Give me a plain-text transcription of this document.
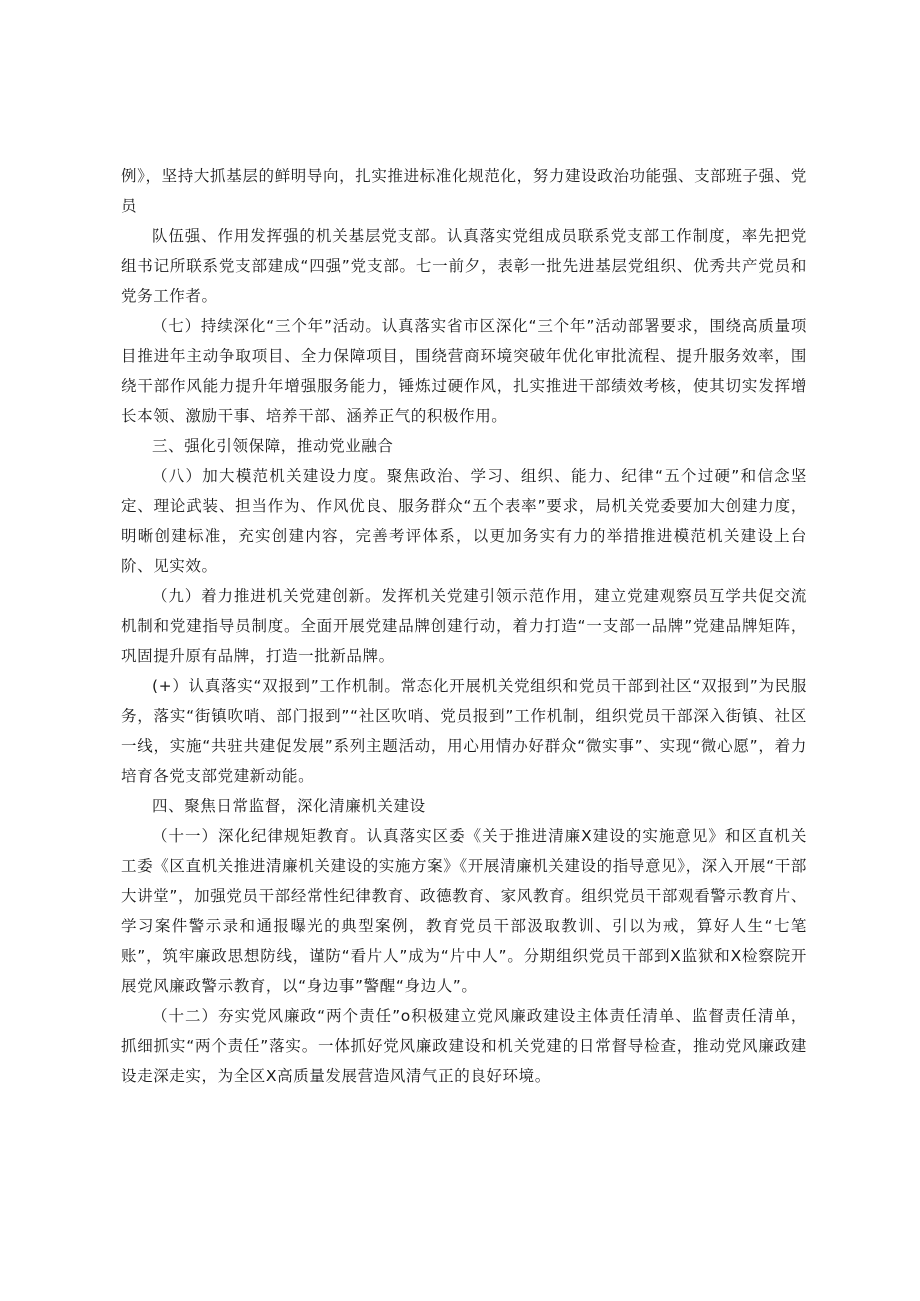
例》，坚持大抓基层的鲜明导向，扎实推进标准化规范化，努力建设政治功能强、支部班子强、党员

队伍强、作用发挥强的机关基层党支部。认真落实党组成员联系党支部工作制度，率先把党组书记所联系党支部建成“四强”党支部。七一前夕，表彰一批先进基层党组织、优秀共产党员和党务工作者。

（七）持续深化“三个年”活动。认真落实省市区深化“三个年”活动部署要求，围绕高质量项目推进年主动争取项目、全力保障项目，围绕营商环境突破年优化审批流程、提升服务效率，围绕干部作风能力提升年增强服务能力，锤炼过硬作风，扎实推进干部绩效考核，使其切实发挥增长本领、激励干事、培养干部、涵养正气的积极作用。

三、强化引领保障，推动党业融合

（八）加大模范机关建设力度。聚焦政治、学习、组织、能力、纪律“五个过硬”和信念坚定、理论武装、担当作为、作风优良、服务群众“五个表率”要求，局机关党委要加大创建力度，明晰创建标准，充实创建内容，完善考评体系，以更加务实有力的举措推进模范机关建设上台阶、见实效。

（九）着力推进机关党建创新。发挥机关党建引领示范作用，建立党建观察员互学共促交流机制和党建指导员制度。全面开展党建品牌创建行动，着力打造“一支部一品牌”党建品牌矩阵，巩固提升原有品牌，打造一批新品牌。

(+）认真落实“双报到”工作机制。常态化开展机关党组织和党员干部到社区“双报到”为民服务，落实“街镇吹哨、部门报到”“社区吹哨、党员报到”工作机制，组织党员干部深入街镇、社区一线，实施“共驻共建促发展”系列主题活动，用心用情办好群众“微实事”、实现“微心愿”，着力培育各党支部党建新动能。

四、聚焦日常监督，深化清廉机关建设

（十一）深化纪律规矩教育。认真落实区委《关于推进清廉X建设的实施意见》和区直机关工委《区直机关推进清廉机关建设的实施方案》《开展清廉机关建设的指导意见》，深入开展“干部大讲堂”，加强党员干部经常性纪律教育、政德教育、家风教育。组织党员干部观看警示教育片、学习案件警示录和通报曝光的典型案例，教育党员干部汲取教训、引以为戒，算好人生“七笔账”，筑牢廉政思想防线，谨防“看片人”成为“片中人”。分期组织党员干部到X监狱和X检察院开展党风廉政警示教育，以“身边事”警醒“身边人”。

（十二）夯实党风廉政“两个责任”o积极建立党风廉政建设主体责任清单、监督责任清单，抓细抓实“两个责任”落实。一体抓好党风廉政建设和机关党建的日常督导检查，推动党风廉政建设走深走实，为全区X高质量发展营造风清气正的良好环境。
